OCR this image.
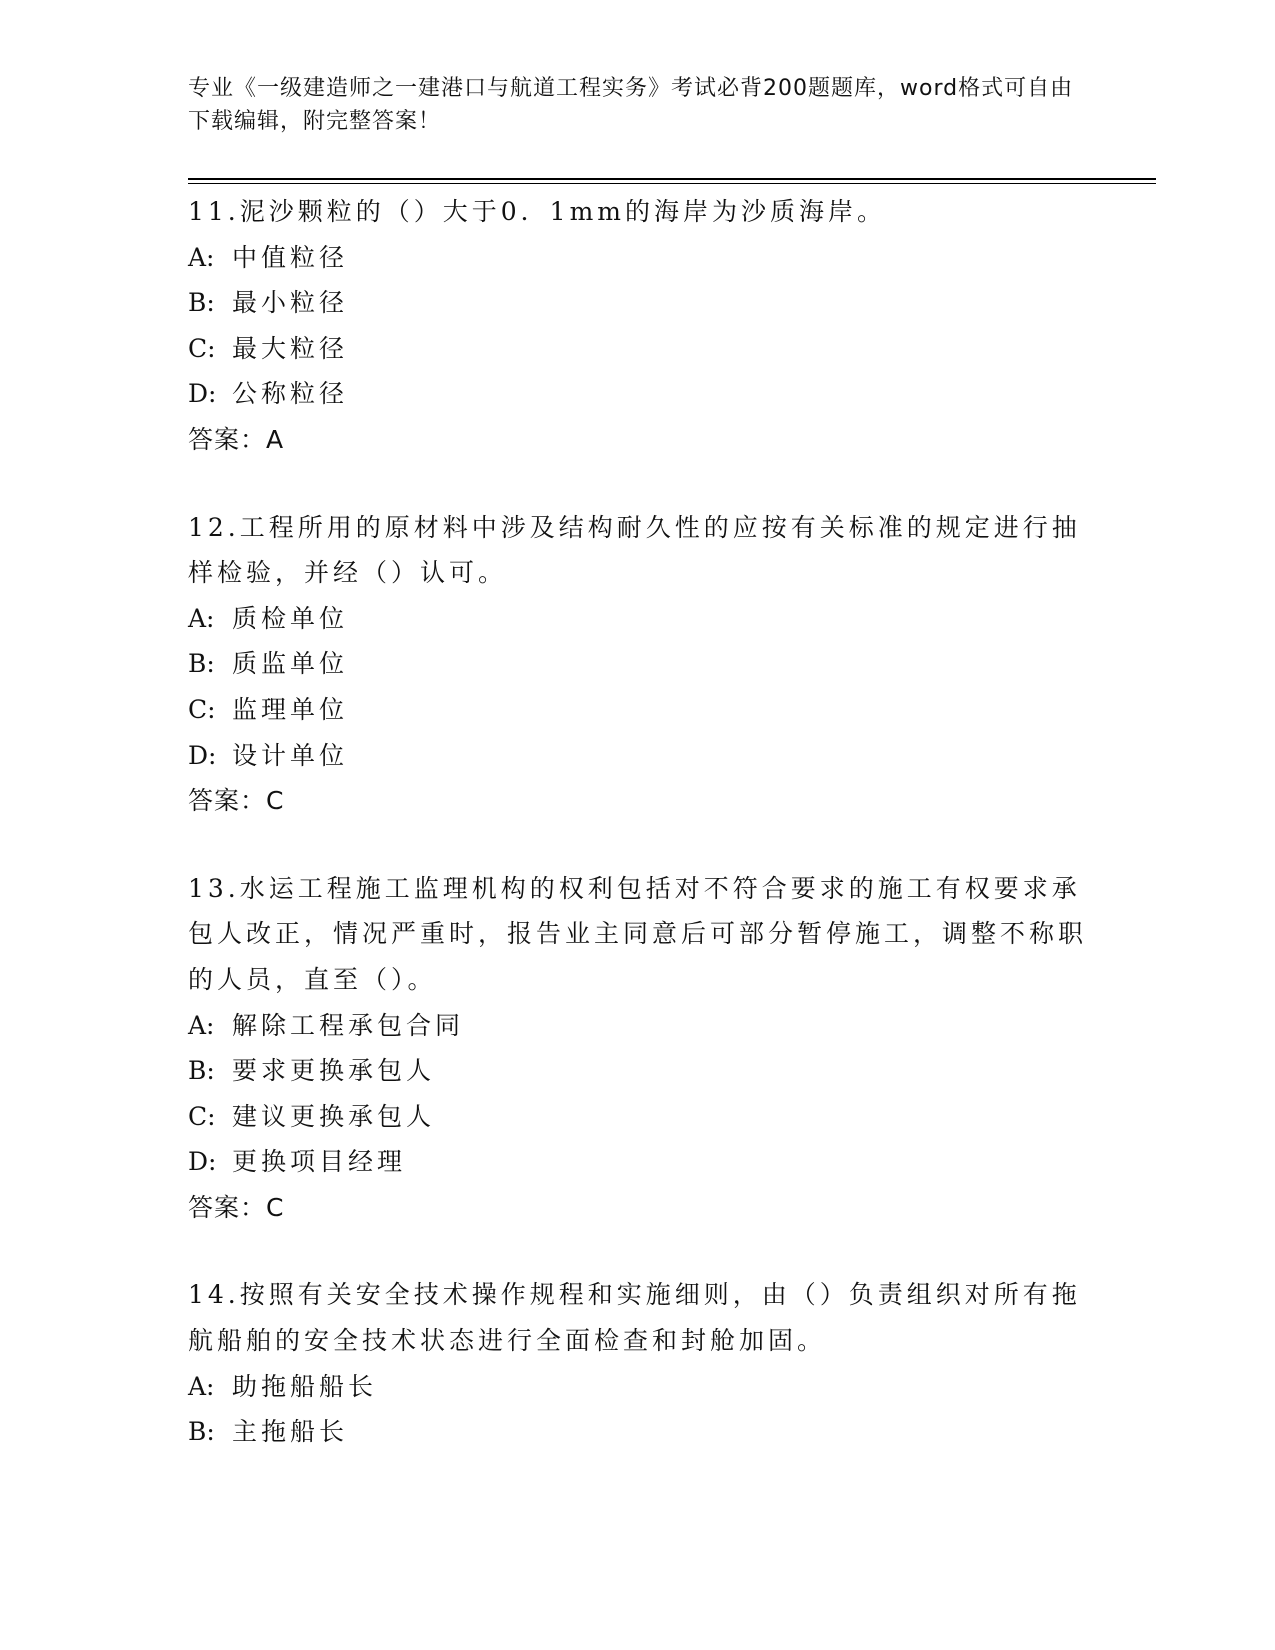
专业《一级建造师之一建港口与航道工程实务》考试必背200题题库，word格式可自由下载编辑，附完整答案！
11.泥沙颗粒的（）大于0．1mm的海岸为沙质海岸。
A: 中值粒径
B: 最小粒径
C: 最大粒径
D: 公称粒径
答案：A
12.工程所用的原材料中涉及结构耐久性的应按有关标准的规定进行抽样检验，并经（）认可。
A: 质检单位
B: 质监单位
C: 监理单位
D: 设计单位
答案：C
13.水运工程施工监理机构的权利包括对不符合要求的施工有权要求承包人改正，情况严重时，报告业主同意后可部分暂停施工，调整不称职的人员，直至（）。
A: 解除工程承包合同
B: 要求更换承包人
C: 建议更换承包人
D: 更换项目经理
答案：C
14.按照有关安全技术操作规程和实施细则，由（）负责组织对所有拖航船舶的安全技术状态进行全面检查和封舱加固。
A: 助拖船船长
B: 主拖船长
